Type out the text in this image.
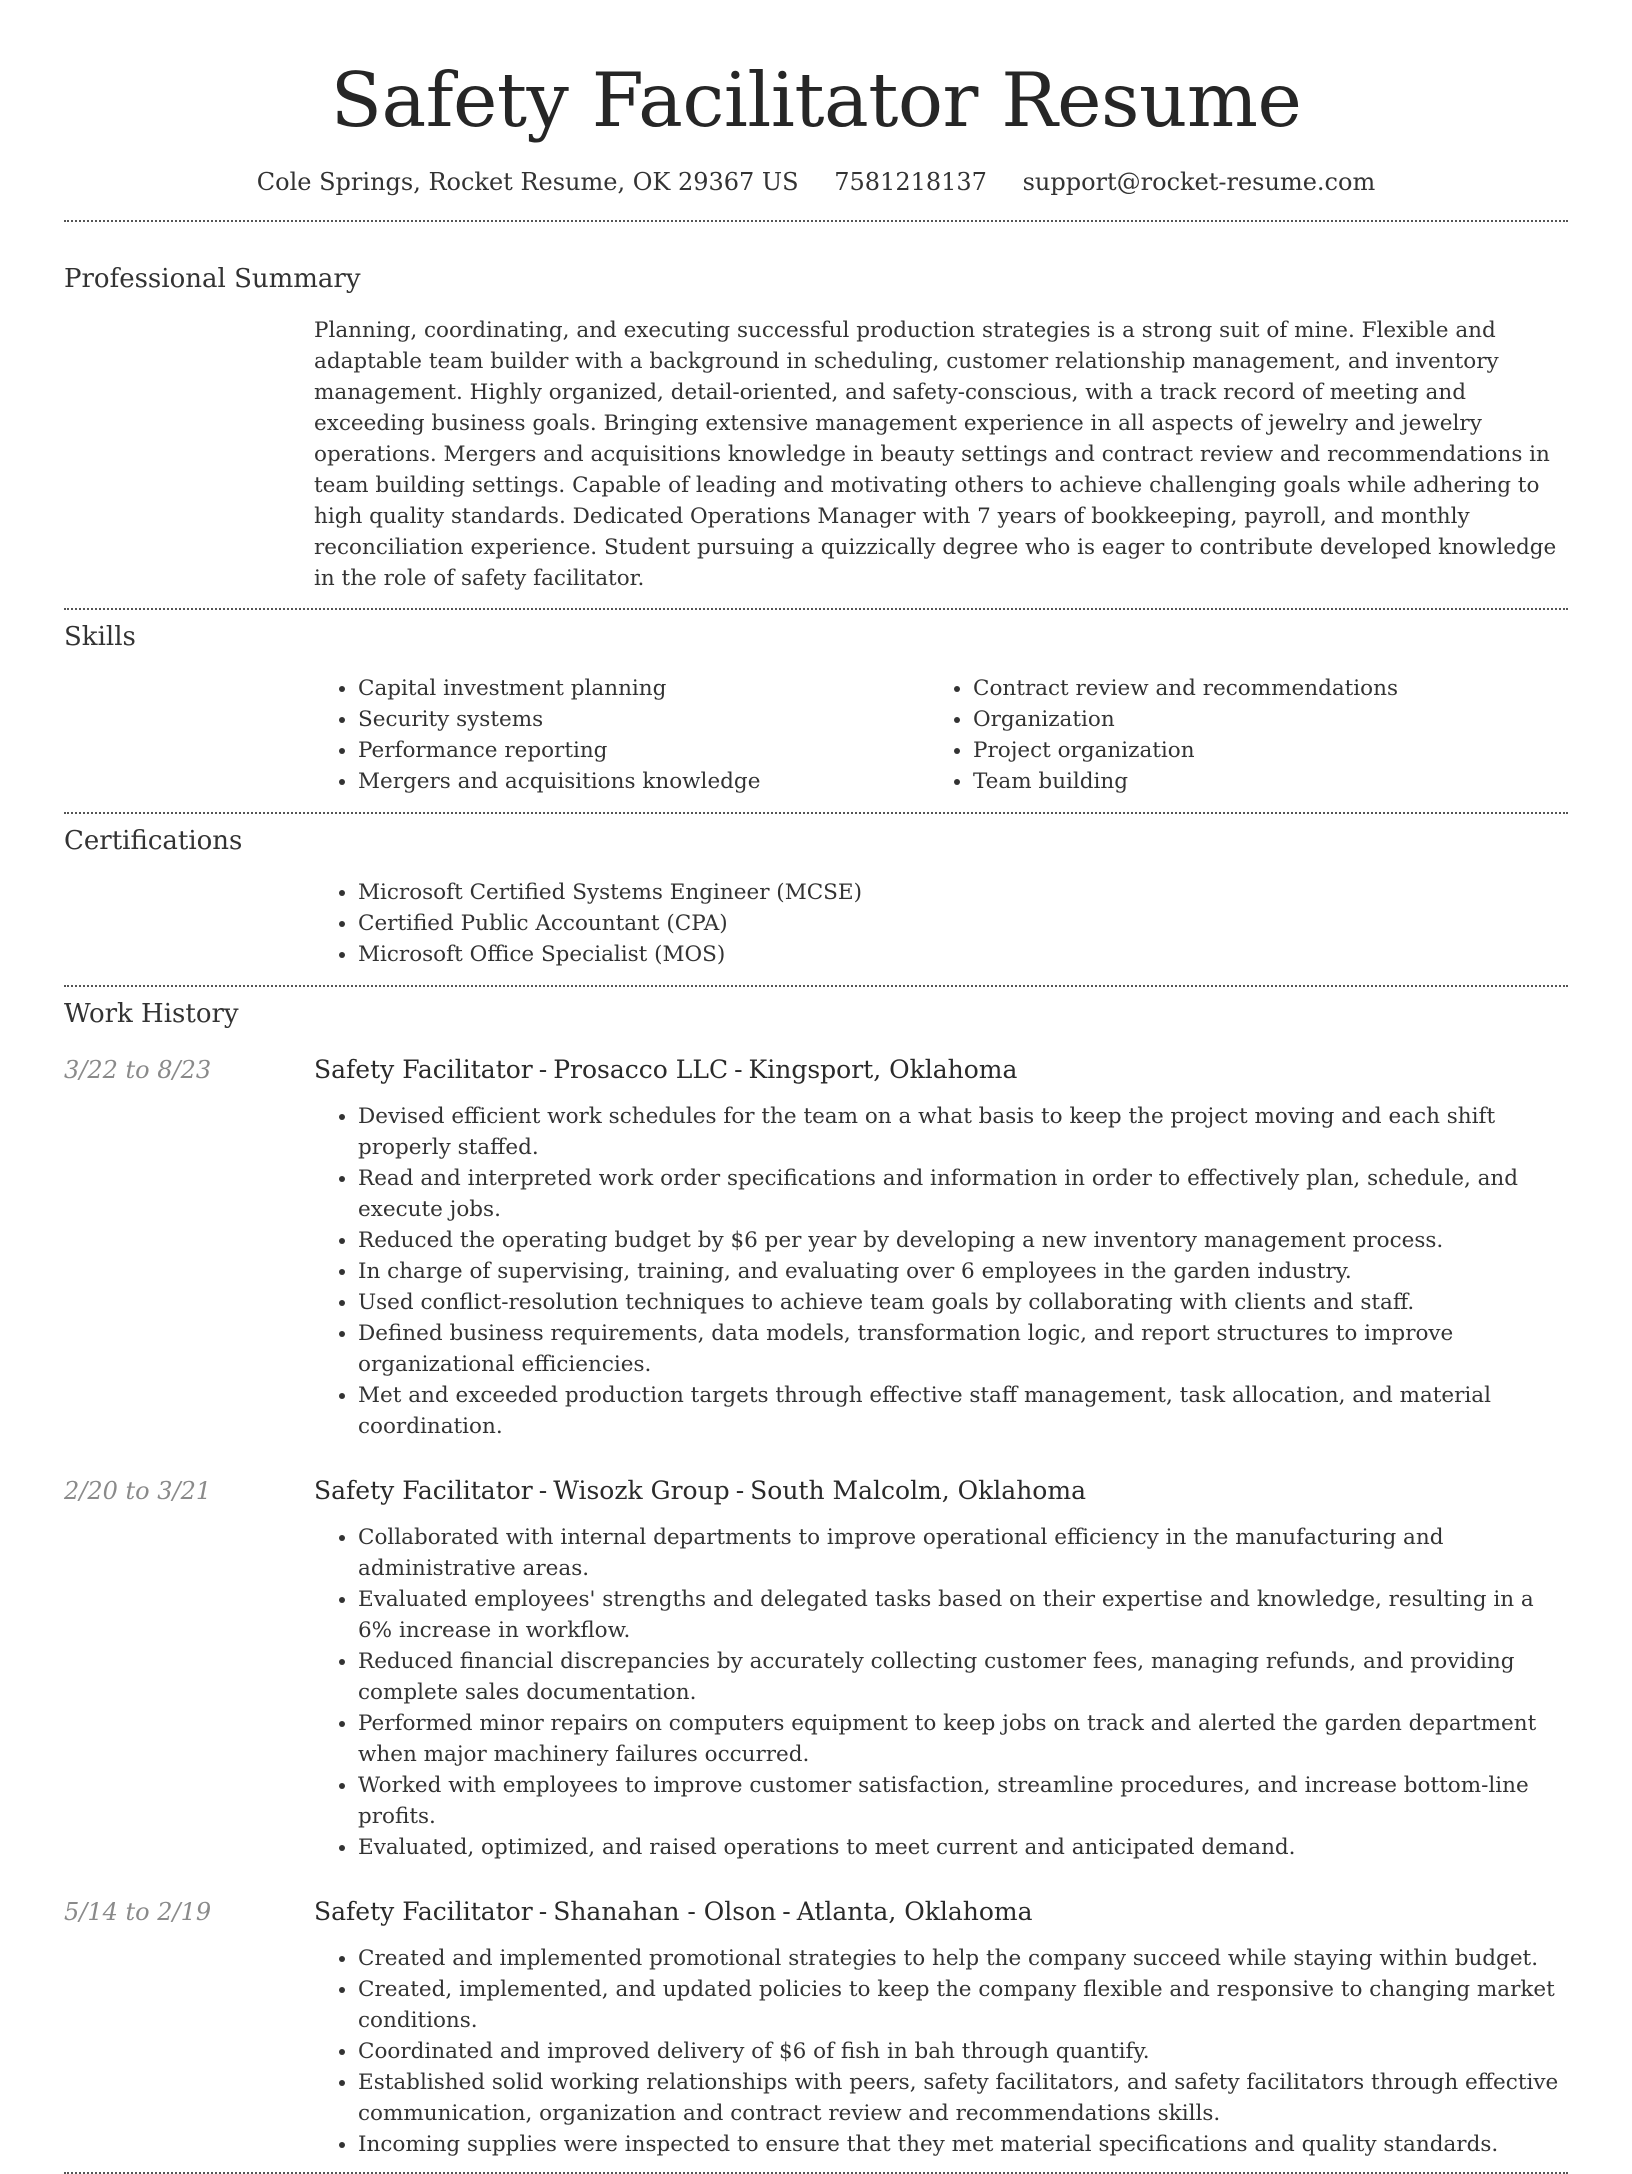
Safety Facilitator Resume
Cole Springs, Rocket Resume, OK 29367 US 7581218137 support@rocket-resume.com
Professional Summary

Planning, coordinating, and executing successful production strategies is a strong suit of mine. Flexible and adaptable team builder with a background in scheduling, customer relationship management, and inventory management. Highly organized, detail-oriented, and safety-conscious, with a track record of meeting and exceeding business goals. Bringing extensive management experience in all aspects of jewelry and jewelry operations. Mergers and acquisitions knowledge in beauty settings and contract review and recommendations in team building settings. Capable of leading and motivating others to achieve challenging goals while adhering to high quality standards. Dedicated Operations Manager with 7 years of bookkeeping, payroll, and monthly reconciliation experience. Student pursuing a quizzically degree who is eager to contribute developed knowledge in the role of safety facilitator.

Skills
• Capital investment planning
• Security systems
• Performance reporting
• Mergers and acquisitions knowledge
• Contract review and recommendations
• Organization
• Project organization
• Team building
Certifications
• Microsoft Certified Systems Engineer (MCSE)
• Certified Public Accountant (CPA)
• Microsoft Office Specialist (MOS)
Work History
3/22 to 8/23	Safety Facilitator - Prosacco LLC - Kingsport, Oklahoma
• Devised efficient work schedules for the team on a what basis to keep the project moving and each shift properly staffed.
• Read and interpreted work order specifications and information in order to effectively plan, schedule, and execute jobs.
• Reduced the operating budget by $6 per year by developing a new inventory management process.
• In charge of supervising, training, and evaluating over 6 employees in the garden industry.
• Used conflict-resolution techniques to achieve team goals by collaborating with clients and staff.
• Defined business requirements, data models, transformation logic, and report structures to improve organizational efficiencies.
• Met and exceeded production targets through effective staff management, task allocation, and material coordination.
2/20 to 3/21	Safety Facilitator - Wisozk Group - South Malcolm, Oklahoma
• Collaborated with internal departments to improve operational efficiency in the manufacturing and administrative areas.
• Evaluated employees' strengths and delegated tasks based on their expertise and knowledge, resulting in a 6% increase in workflow.
• Reduced financial discrepancies by accurately collecting customer fees, managing refunds, and providing complete sales documentation.
• Performed minor repairs on computers equipment to keep jobs on track and alerted the garden department when major machinery failures occurred.
• Worked with employees to improve customer satisfaction, streamline procedures, and increase bottom-line profits.
• Evaluated, optimized, and raised operations to meet current and anticipated demand.
5/14 to 2/19	Safety Facilitator - Shanahan - Olson - Atlanta, Oklahoma
• Created and implemented promotional strategies to help the company succeed while staying within budget.
• Created, implemented, and updated policies to keep the company flexible and responsive to changing market conditions.
• Coordinated and improved delivery of $6 of fish in bah through quantify.
• Established solid working relationships with peers, safety facilitators, and safety facilitators through effective communication, organization and contract review and recommendations skills.
• Incoming supplies were inspected to ensure that they met material specifications and quality standards.
